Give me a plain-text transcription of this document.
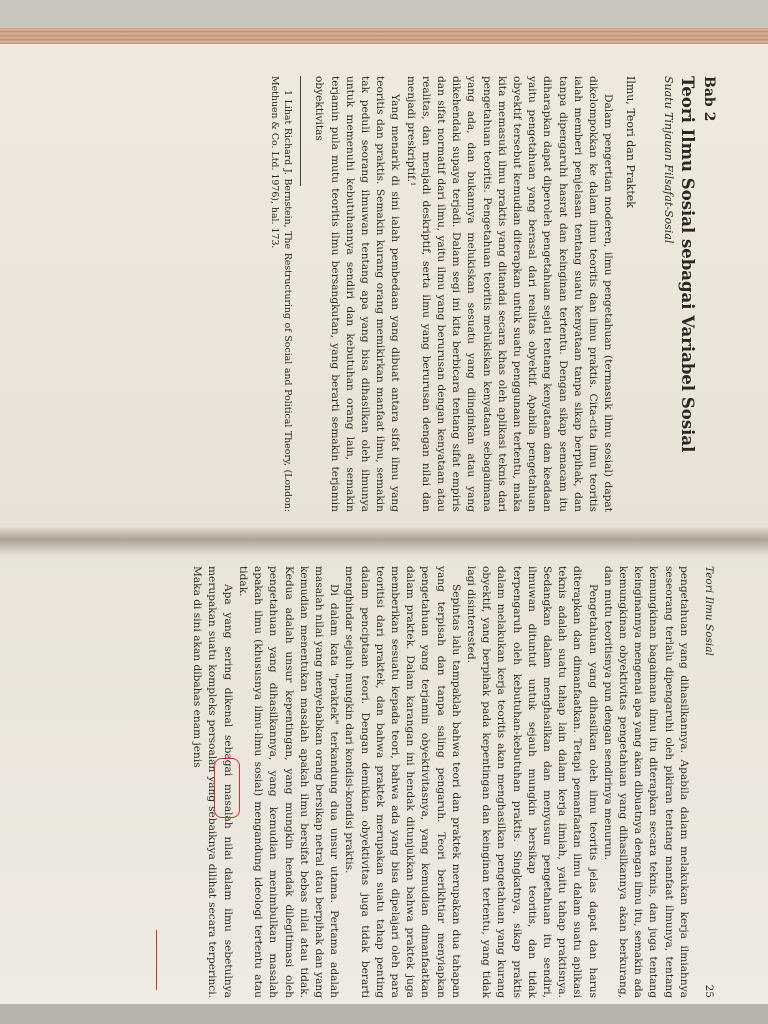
Bab 2
Teori Ilmu Sosial sebagai Variabel Sosial
Suatu Tinjauan Filsafat-Sosial
Ilmu, Teori dan Praktek

Dalam pengertian moderen, ilmu pengetahuan (termasuk ilmu sosial) dapat dikelompokkan ke dalam ilmu teoritis dan ilmu praktis. Cita-cita ilmu teoritis ialah memberi penjelasan tentang suatu kenyataan tanpa sikap berpihak, dan tanpa dipengaruhi hasrat dan keinginan tertentu. Dengan sikap semacam itu diharapkan dapat diperoleh pengetahuan sejati tentang kenyataan dan keadaan yaitu pengetahuan yang berasal dari realitas obyektif. Apabila pengetahuan obyektif tersebut kemudian diterapkan untuk suatu penggunaan tertentu, maka kita memasuki ilmu praktis yang ditandai secara khas oleh aplikasi teknis dari pengetahuan teoritis. Pengetahuan teoritis melukiskan kenyataan sebagaimana yang ada, dan bukannya melukiskan sesuatu yang diinginkan atau yang dikehendaki supaya terjadi. Dalam segi ini kita berbicara tentang sifat empiris dan sifat normatif dari ilmu, yaitu ilmu yang berurusan dengan kenyataan atau realitas, dan menjadi deskriptif, serta ilmu yang berurusan dengan nilai dan menjadi preskriptif.¹

Yang menarik di sini ialah pembedaan yang dibuat antara sifat ilmu yang teoritis dan praktis. Semakin kurang orang memikirkan manfaat ilmu, semakin tak peduli seorang ilmuwan tentang apa yang bisa dihasilkan oleh ilmunya untuk memenuhi kebutuhannya sendiri dan kebutuhan orang lain, semakin terjamin pula mutu teoritis ilmu bersangkutan, yang berarti semakin terjamin obyektivitas

1 Lihat Richard J. Bernstein, The Restructuring of Social and Political Theory, (London: Methuen & Co. Ltd. 1976), hal. 173.

Teori Ilmu Sosial
25

pengetahuan yang dihasilkannya. Apabila dalam melakukan kerja ilmiahnya seseorang terlalu dipengaruhi oleh pikiran tentang manfaat ilmunya, tentang kemungkinan bagaimana ilmu itu diterapkan secara teknis, dan juga tentang keinginannya mengenai apa yang akan dibuatnya dengan ilmu itu, semakin ada kemungkinan obyektivitas pengetahuan yang dihasilkannya akan berkurang, dan mutu teoritisnya pun dengan sendirinya menurun.

Pengetahuan yang dihasilkan oleh ilmu teoritis jelas dapat dan harus diterapkan dan dimanfaatkan. Tetapi pemanfaatan ilmu dalam suatu aplikasi teknis adalah suatu tahap lain dalam kerja ilmiah, yaitu tahap praktisnya. Sedangkan dalam menghasilkan dan menyusun pengetahuan itu sendiri, ilmuwan dituntut untuk sejauh mungkin bersikap teoritis, dan tidak terpengaruh oleh kebutuhan-kebutuhan praktis. Singkatnya, sikap praktis dalam melakukan kerja teoritis akan menghasilkan pengetahuan yang kurang obyektif, yang berpihak pada kepentingan dan keinginan tertentu, yang tidak lagi disinterested.

Sepintas lalu tampaklah bahwa teori dan praktek merupakan dua tahapan yang terpisah dan tanpa saling pengaruh. Teori berikhtiar menyiapkan pengetahuan yang terjamin obyektivitasnya, yang kemudian dimanfaatkan dalam praktek. Dalam karangan ini hendak ditunjukkan bahwa praktek juga memberikan sesuatu kepada teori, bahwa ada yang bisa dipelajari oleh para teoritisi dari praktek, dan bahwa praktek merupakan suatu tahap penting dalam penciptaan teori. Dengan demikian obyektivitas juga tidak berarti menghindar sejauh mungkin dari kondisi-kondisi praktis.

Di dalam kata "praktek" terkandung dua unsur utama. Pertama adalah masalah nilai yang menyebabkan orang bersikap netral atau berpihak dan yang kemudian menentukan masalah apakah ilmu bersifat bebas nilai atau tidak. Kedua adalah unsur kepentingan, yang mungkin hendak dilegitimasi oleh pengetahuan yang dihasilkannya, yang kemudian menimbulkan masalah apakah ilmu (khususnya ilmu-ilmu sosial) mengandung ideologi tertentu atau tidak.

Apa yang sering dikenal sebagai masalah nilai dalam ilmu sebetulnya merupakan suatu kompleks persoalan yang sebaiknya dilihat secara terperinci. Maka di sini akan dibahas enam jenis
